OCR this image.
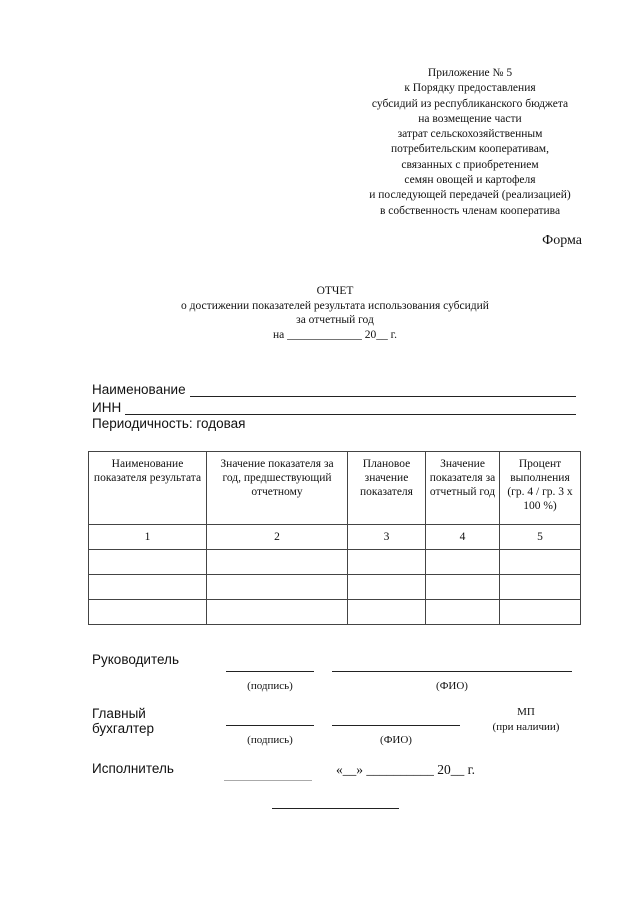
Приложение № 5
к Порядку предоставления
субсидий из республиканского бюджета
на возмещение части
затрат сельскохозяйственным
потребительским кооперативам,
связанных с приобретением
семян овощей и картофеля
и последующей передачей (реализацией)
в собственность членам кооператива
Форма
ОТЧЕТ
о достижении показателей результата использования субсидий
за отчетный год
на _____________ 20__ г.
Наименование
ИНН
Периодичность: годовая
Наименование показателя результата	Значение показателя за год, предшествующий отчетному	Плановое значение показателя	Значение показателя за отчетный год	Процент выполнения (гр. 4 / гр. 3 x 100 %)
1	2	3	4	5

Руководитель
(подпись)	(ФИО)
Главный
бухгалтер
(подпись)	(ФИО)
МП
(при наличии)
Исполнитель	«__» __________ 20__ г.
